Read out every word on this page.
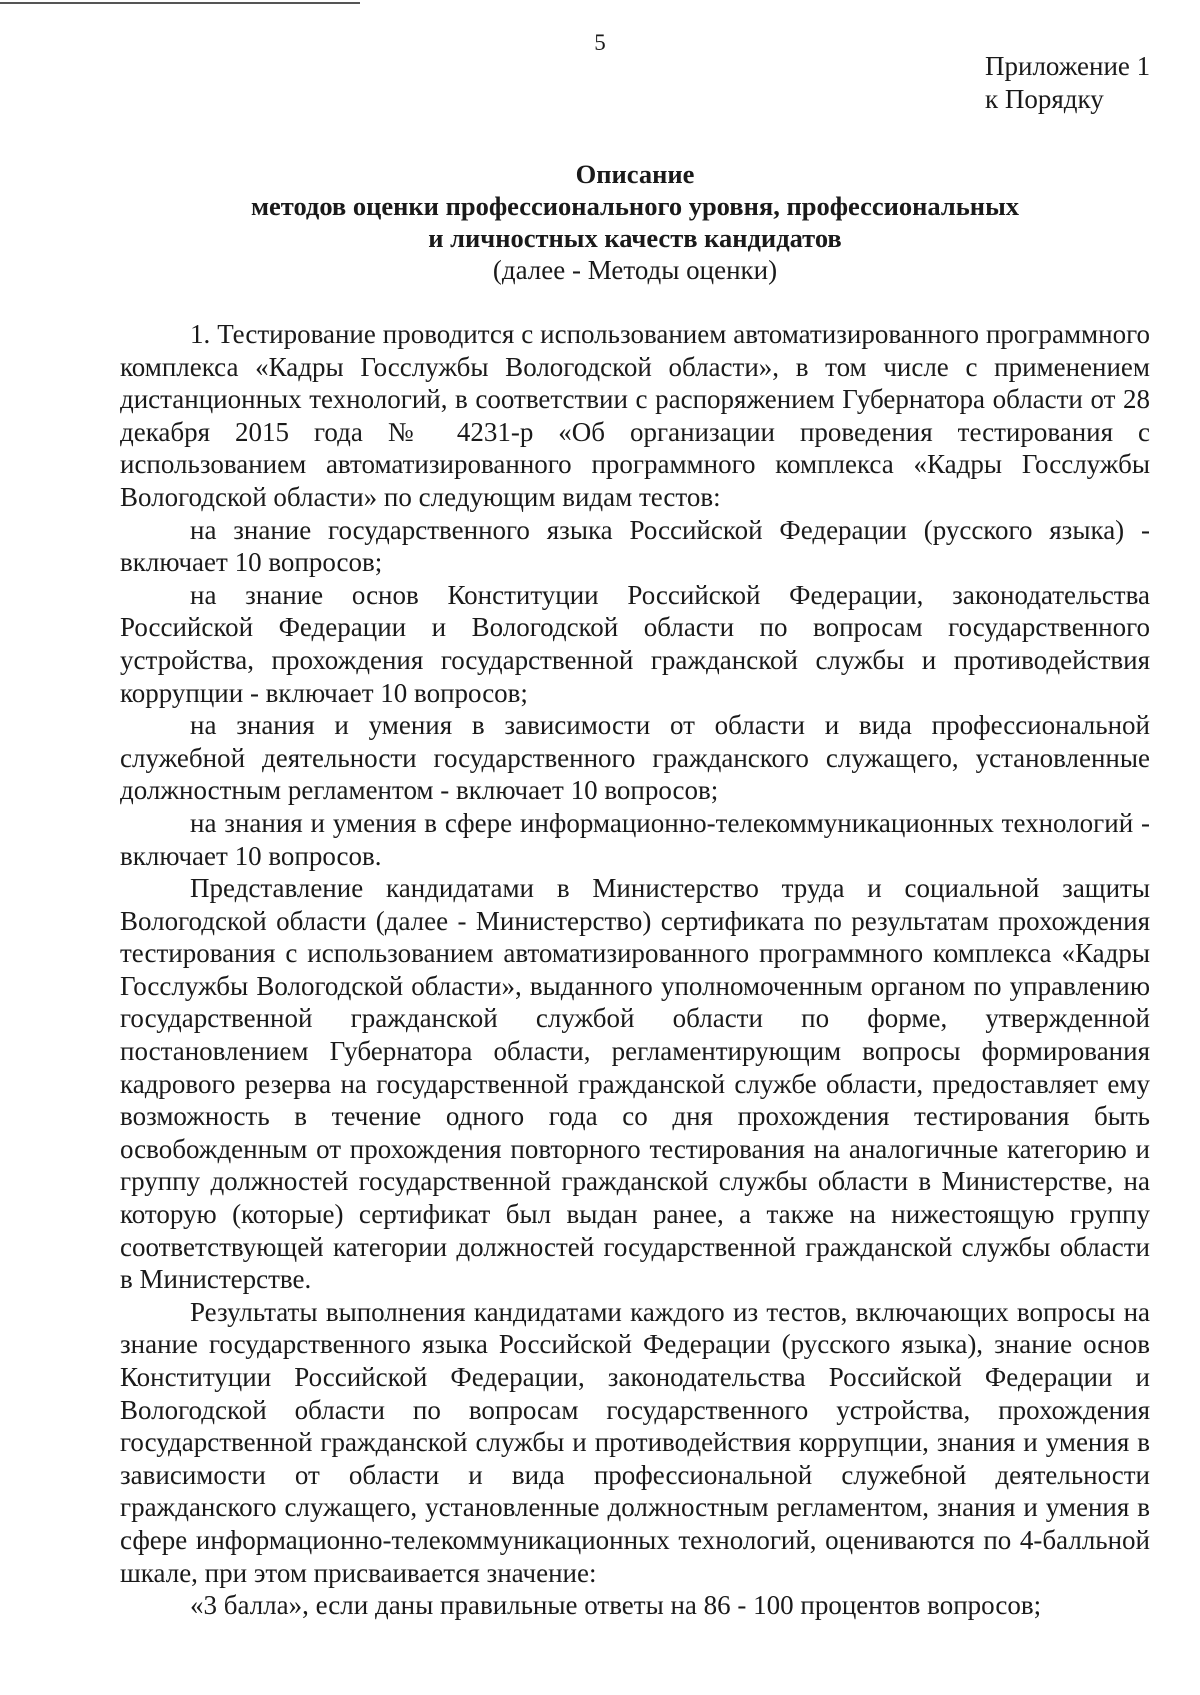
5
Приложение 1
к Порядку
Описание
методов оценки профессионального уровня, профессиональных
и личностных качеств кандидатов
(далее - Методы оценки)

1. Тестирование проводится с использованием автоматизированного программного комплекса «Кадры Госслужбы Вологодской области», в том числе с применением дистанционных технологий, в соответствии с распоряжением Губернатора области от 28 декабря 2015 года № 4231-р «Об организации проведения тестирования с использованием автоматизированного программного комплекса «Кадры Госслужбы Вологодской области» по следующим видам тестов:

на знание государственного языка Российской Федерации (русского языка) - включает 10 вопросов;

на знание основ Конституции Российской Федерации, законодательства Российской Федерации и Вологодской области по вопросам государственного устройства, прохождения государственной гражданской службы и противодействия коррупции - включает 10 вопросов;

на знания и умения в зависимости от области и вида профессиональной служебной деятельности государственного гражданского служащего, установленные должностным регламентом - включает 10 вопросов;

на знания и умения в сфере информационно-телекоммуникационных технологий - включает 10 вопросов.

Представление кандидатами в Министерство труда и социальной защиты Вологодской области (далее - Министерство) сертификата по результатам прохождения тестирования с использованием автоматизированного программного комплекса «Кадры Госслужбы Вологодской области», выданного уполномоченным органом по управлению государственной гражданской службой области по форме, утвержденной постановлением Губернатора области, регламентирующим вопросы формирования кадрового резерва на государственной гражданской службе области, предоставляет ему возможность в течение одного года со дня прохождения тестирования быть освобожденным от прохождения повторного тестирования на аналогичные категорию и группу должностей государственной гражданской службы области в Министерстве, на которую (которые) сертификат был выдан ранее, а также на нижестоящую группу соответствующей категории должностей государственной гражданской службы области в Министерстве.

Результаты выполнения кандидатами каждого из тестов, включающих вопросы на знание государственного языка Российской Федерации (русского языка), знание основ Конституции Российской Федерации, законодательства Российской Федерации и Вологодской области по вопросам государственного устройства, прохождения государственной гражданской службы и противодействия коррупции, знания и умения в зависимости от области и вида профессиональной служебной деятельности гражданского служащего, установленные должностным регламентом, знания и умения в сфере информационно-телекоммуникационных технологий, оцениваются по 4-балльной шкале, при этом присваивается значение:

«3 балла», если даны правильные ответы на 86 - 100 процентов вопросов;
